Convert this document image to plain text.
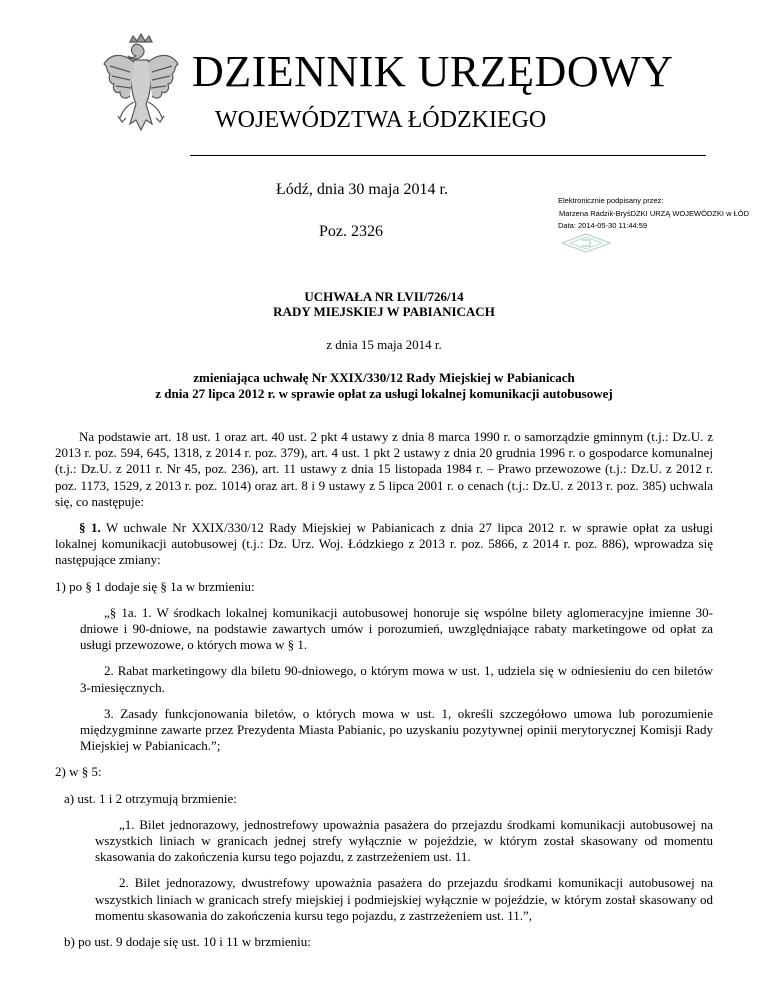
DZIENNIK URZĘDOWY
WOJEWÓDZTWA ŁÓDZKIEGO
Łódź, dnia 30 maja 2014 r.
Poz. 2326
Elektronicznie podpisany przez:
Marzena Radzik-BryśDZKI URZĄ WOJEWÓDZKI w ŁÓD
Data: 2014-05-30 11:44:59
UCHWAŁA NR LVII/726/14
RADY MIEJSKIEJ W PABIANICACH
z dnia 15 maja 2014 r.
zmieniająca uchwałę Nr XXIX/330/12 Rady Miejskiej w Pabianicach
z dnia 27 lipca 2012 r. w sprawie opłat za usługi lokalnej komunikacji autobusowej

Na podstawie art. 18 ust. 1 oraz art. 40 ust. 2 pkt 4 ustawy z dnia 8 marca 1990 r. o samorządzie gminnym (t.j.: Dz.U. z 2013 r. poz. 594, 645, 1318, z 2014 r. poz. 379), art. 4 ust. 1 pkt 2 ustawy z dnia 20 grudnia 1996 r. o gospodarce komunalnej (t.j.: Dz.U. z 2011 r. Nr 45, poz. 236), art. 11 ustawy z dnia 15 listopada 1984 r. – Prawo przewozowe (t.j.: Dz.U. z 2012 r. poz. 1173, 1529, z 2013 r. poz. 1014) oraz art. 8 i 9 ustawy z 5 lipca 2001 r. o cenach (t.j.: Dz.U. z 2013 r. poz. 385) uchwala się, co następuje:

§ 1. W uchwale Nr XXIX/330/12 Rady Miejskiej w Pabianicach z dnia 27 lipca 2012 r. w sprawie opłat za usługi lokalnej komunikacji autobusowej (t.j.: Dz. Urz. Woj. Łódzkiego z 2013 r. poz. 5866, z 2014 r. poz. 886), wprowadza się następujące zmiany:

1) po § 1 dodaje się § 1a w brzmieniu:

„§ 1a. 1. W środkach lokalnej komunikacji autobusowej honoruje się wspólne bilety aglomeracyjne imienne 30-dniowe i 90-dniowe, na podstawie zawartych umów i porozumień, uwzględniające rabaty marketingowe od opłat za usługi przewozowe, o których mowa w § 1.

2. Rabat marketingowy dla biletu 90-dniowego, o którym mowa w ust. 1, udziela się w odniesieniu do cen biletów 3-miesięcznych.

3. Zasady funkcjonowania biletów, o których mowa w ust. 1, określi szczegółowo umowa lub porozumienie międzygminne zawarte przez Prezydenta Miasta Pabianic, po uzyskaniu pozytywnej opinii merytorycznej Komisji Rady Miejskiej w Pabianicach.”;

2) w § 5:

a) ust. 1 i 2 otrzymują brzmienie:

„1. Bilet jednorazowy, jednostrefowy upoważnia pasażera do przejazdu środkami komunikacji autobusowej na wszystkich liniach w granicach jednej strefy wyłącznie w pojeździe, w którym został skasowany od momentu skasowania do zakończenia kursu tego pojazdu, z zastrzeżeniem ust. 11.

2. Bilet jednorazowy, dwustrefowy upoważnia pasażera do przejazdu środkami komunikacji autobusowej na wszystkich liniach w granicach strefy miejskiej i podmiejskiej wyłącznie w pojeździe, w którym został skasowany od momentu skasowania do zakończenia kursu tego pojazdu, z zastrzeżeniem ust. 11.”,

b) po ust. 9 dodaje się ust. 10 i 11 w brzmieniu:
